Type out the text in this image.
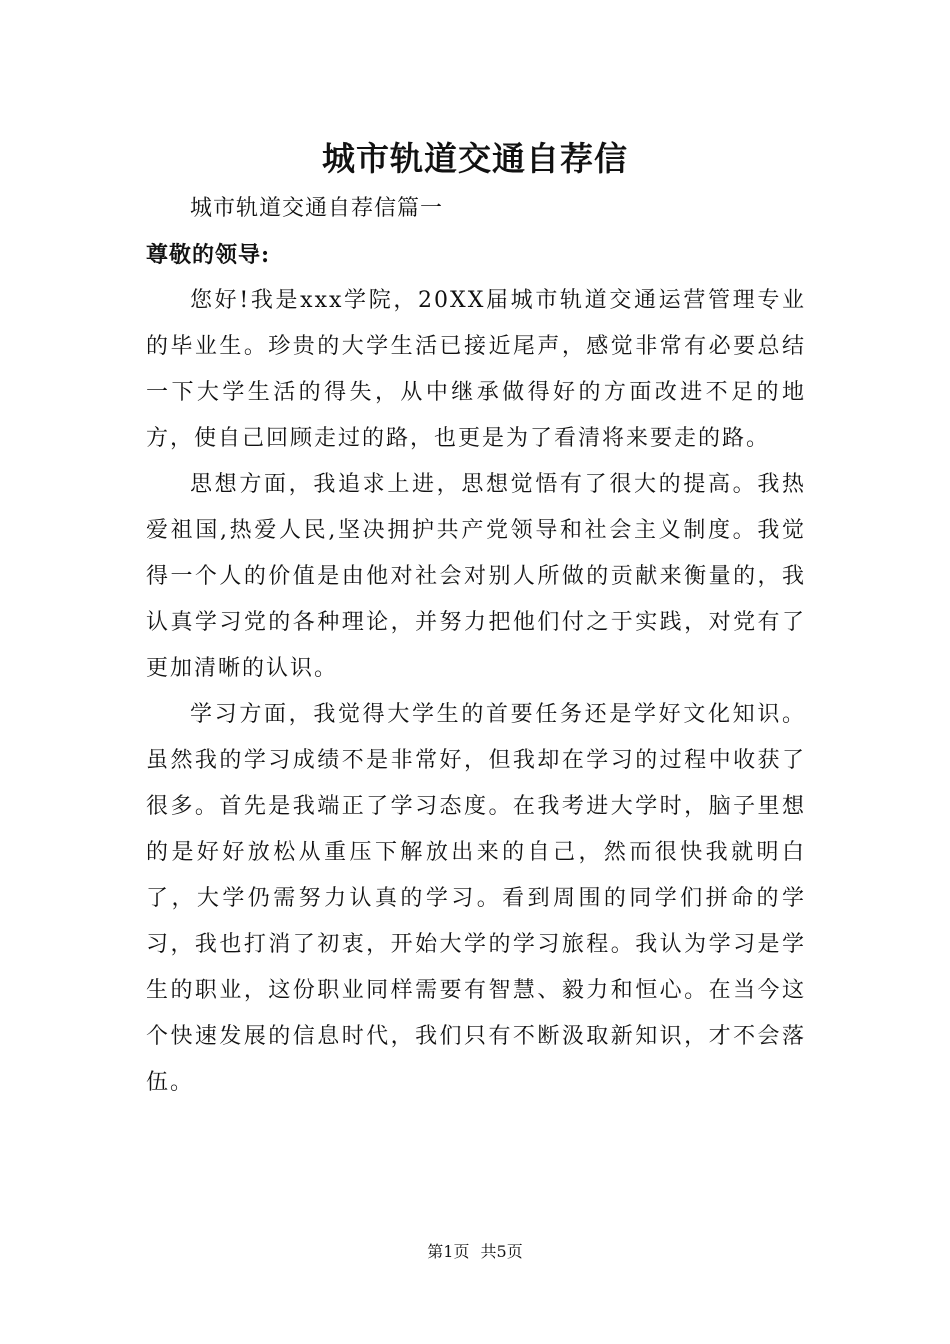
城市轨道交通自荐信

城市轨道交通自荐信篇一

尊敬的领导:

您好!我是xxx学院，20XX届城市轨道交通运营管理专业的毕业生。珍贵的大学生活已接近尾声，感觉非常有必要总结一下大学生活的得失，从中继承做得好的方面改进不足的地方，使自己回顾走过的路，也更是为了看清将来要走的路。

思想方面，我追求上进，思想觉悟有了很大的提高。我热爱祖国,热爱人民,坚决拥护共产党领导和社会主义制度。我觉得一个人的价值是由他对社会对别人所做的贡献来衡量的，我认真学习党的各种理论，并努力把他们付之于实践，对党有了更加清晰的认识。

学习方面，我觉得大学生的首要任务还是学好文化知识。虽然我的学习成绩不是非常好，但我却在学习的过程中收获了很多。首先是我端正了学习态度。在我考进大学时，脑子里想的是好好放松从重压下解放出来的自己，然而很快我就明白了，大学仍需努力认真的学习。看到周围的同学们拼命的学习，我也打消了初衷，开始大学的学习旅程。我认为学习是学生的职业，这份职业同样需要有智慧、毅力和恒心。在当今这个快速发展的信息时代，我们只有不断汲取新知识，才不会落伍。

第1页 共5页
